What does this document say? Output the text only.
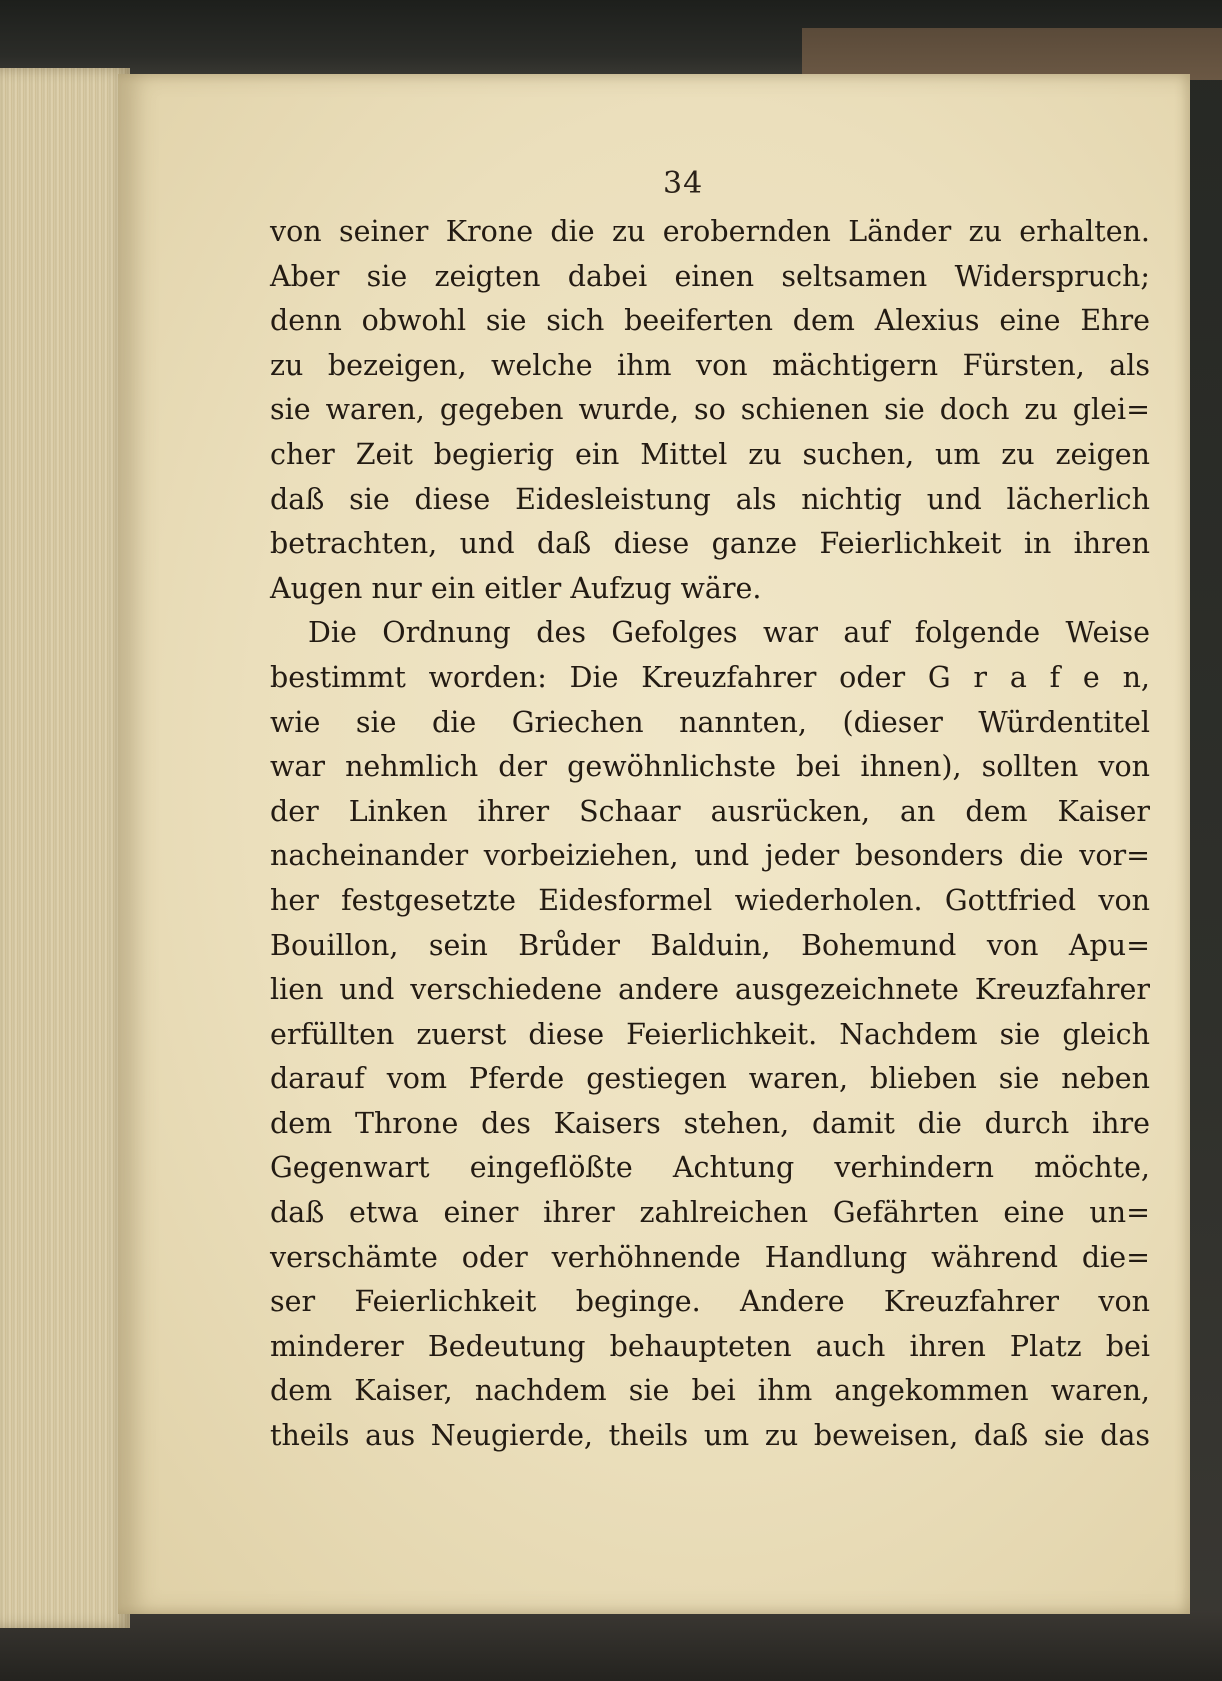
34
von seiner Krone die zu erobernden Länder zu erhalten.
Aber sie zeigten dabei einen seltsamen Widerspruch;
denn obwohl sie sich beeiferten dem Alexius eine Ehre
zu bezeigen, welche ihm von mächtigern Fürsten, als
sie waren, gegeben wurde, so schienen sie doch zu glei=
cher Zeit begierig ein Mittel zu suchen, um zu zeigen
daß sie diese Eidesleistung als nichtig und lächerlich
betrachten, und daß diese ganze Feierlichkeit in ihren
Augen nur ein eitler Aufzug wäre.
Die Ordnung des Gefolges war auf folgende Weise
bestimmt worden: Die Kreuzfahrer oder G r a f e n,
wie sie die Griechen nannten, (dieser Würdentitel
war nehmlich der gewöhnlichste bei ihnen), sollten von
der Linken ihrer Schaar ausrücken, an dem Kaiser
nacheinander vorbeiziehen, und jeder besonders die vor=
her festgesetzte Eidesformel wiederholen. Gottfried von
Bouillon, sein Brůder Balduin, Bohemund von Apu=
lien und verschiedene andere ausgezeichnete Kreuzfahrer
erfüllten zuerst diese Feierlichkeit. Nachdem sie gleich
darauf vom Pferde gestiegen waren, blieben sie neben
dem Throne des Kaisers stehen, damit die durch ihre
Gegenwart eingeflößte Achtung verhindern möchte,
daß etwa einer ihrer zahlreichen Gefährten eine un=
verschämte oder verhöhnende Handlung während die=
ser Feierlichkeit beginge. Andere Kreuzfahrer von
minderer Bedeutung behaupteten auch ihren Platz bei
dem Kaiser, nachdem sie bei ihm angekommen waren,
theils aus Neugierde, theils um zu beweisen, daß sie das
